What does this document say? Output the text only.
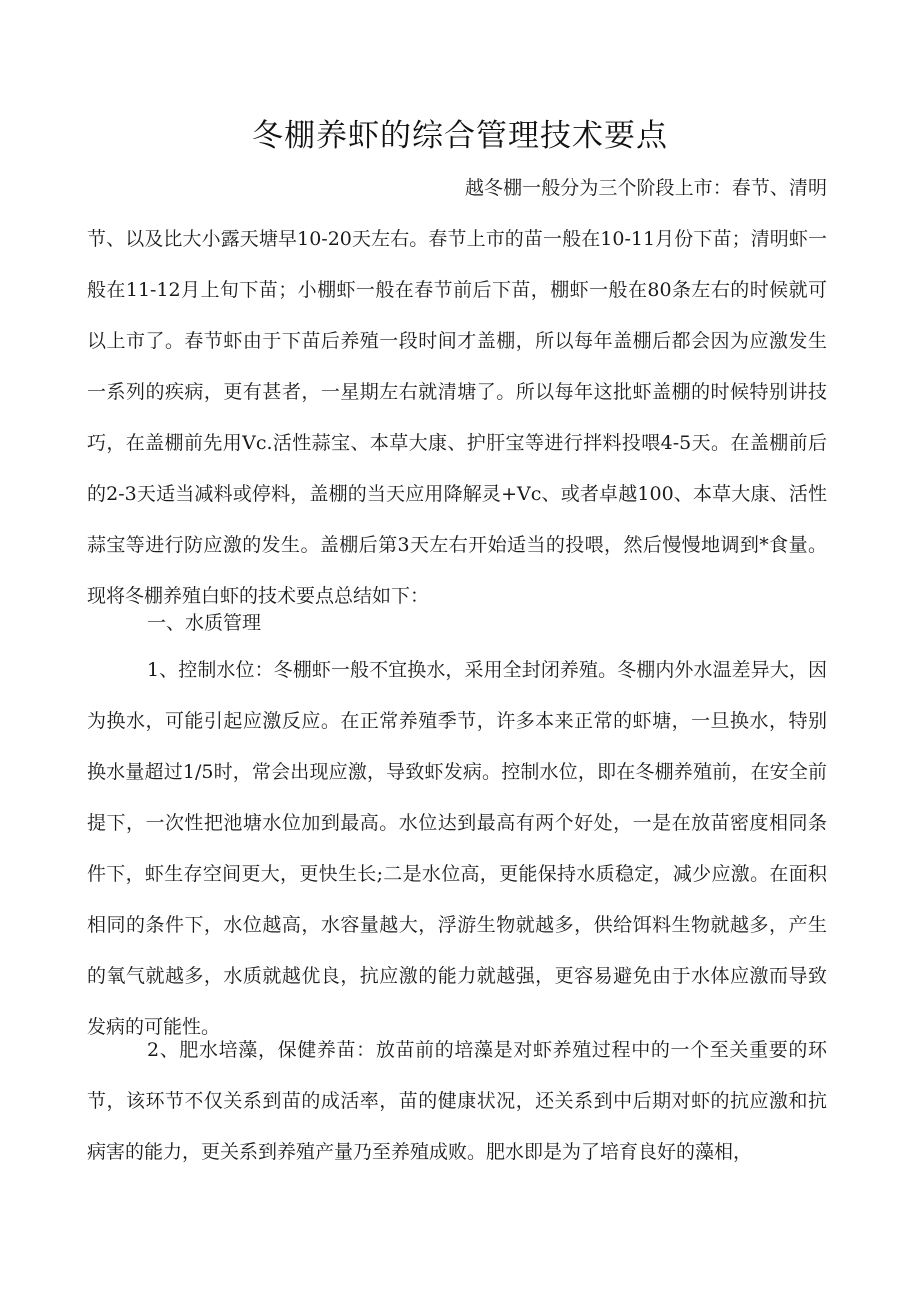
冬棚养虾的综合管理技术要点

越冬棚一般分为三个阶段上市：春节、清明节、以及比大小露天塘早10-20天左右。春节上市的苗一般在10-11月份下苗；清明虾一般在11-12月上旬下苗；小棚虾一般在春节前后下苗，棚虾一般在80条左右的时候就可以上市了。春节虾由于下苗后养殖一段时间才盖棚，所以每年盖棚后都会因为应激发生一系列的疾病，更有甚者，一星期左右就清塘了。所以每年这批虾盖棚的时候特别讲技巧，在盖棚前先用Vc.活性蒜宝、本草大康、护肝宝等进行拌料投喂4-5天。在盖棚前后的2-3天适当减料或停料，盖棚的当天应用降解灵+Vc、或者卓越100、本草大康、活性蒜宝等进行防应激的发生。盖棚后第3天左右开始适当的投喂，然后慢慢地调到*食量。现将冬棚养殖白虾的技术要点总结如下：

一、水质管理

1、控制水位：冬棚虾一般不宜换水，采用全封闭养殖。冬棚内外水温差异大，因为换水，可能引起应激反应。在正常养殖季节，许多本来正常的虾塘，一旦换水，特别换水量超过1/5时，常会出现应激，导致虾发病。控制水位，即在冬棚养殖前，在安全前提下，一次性把池塘水位加到最高。水位达到最高有两个好处，一是在放苗密度相同条件下，虾生存空间更大，更快生长;二是水位高，更能保持水质稳定，减少应激。在面积相同的条件下，水位越高，水容量越大，浮游生物就越多，供给饵料生物就越多，产生的氧气就越多，水质就越优良，抗应激的能力就越强，更容易避免由于水体应激而导致发病的可能性。

2、肥水培藻，保健养苗：放苗前的培藻是对虾养殖过程中的一个至关重要的环节，该环节不仅关系到苗的成活率，苗的健康状况，还关系到中后期对虾的抗应激和抗病害的能力，更关系到养殖产量乃至养殖成败。肥水即是为了培育良好的藻相，
